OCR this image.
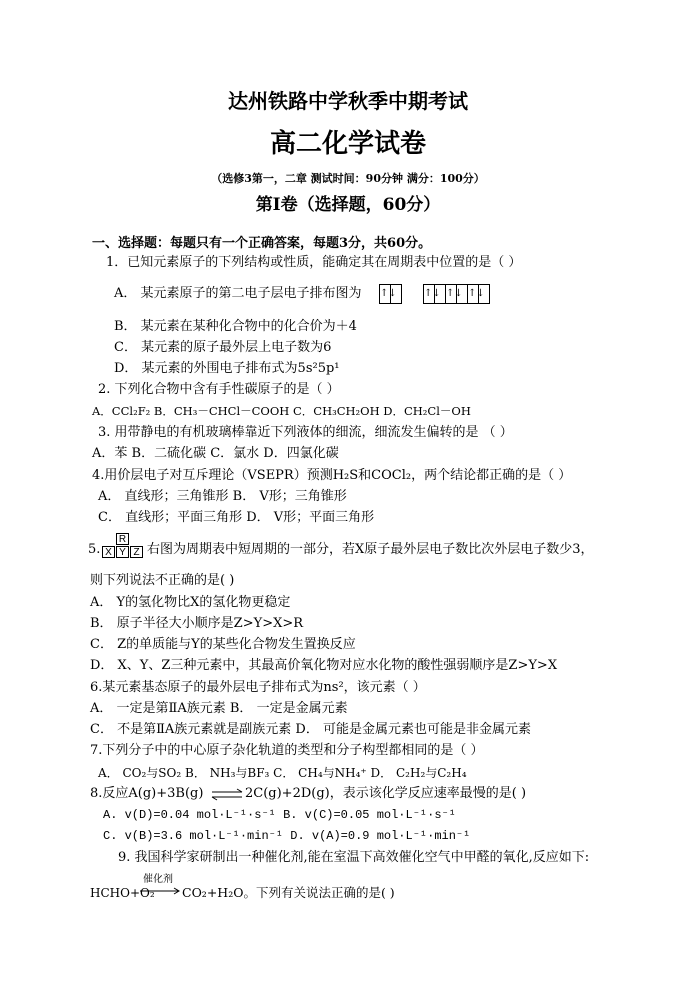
达州铁路中学秋季中期考试
高二化学试卷
（选修3第一，二章 测试时间：90分钟 满分：100分）
第Ⅰ卷（选择题，60分）
一、选择题：每题只有一个正确答案，每题3分，共60分。
1．已知元素原子的下列结构或性质，能确定其在周期表中位置的是（ ）
A． 某元素原子的第二电子层电子排布图为 ↑↓	↑↓ ↑↓ ↑↓
B． 某元素在某种化合物中的化合价为＋4
C． 某元素的原子最外层上电子数为6
D． 某元素的外围电子排布式为5s²5p¹
2. 下列化合物中含有手性碳原子的是（ ）
A．CCl₂F₂ B．CH₃－CHCl－COOH C．CH₃CH₂OH D．CH₂Cl－OH
3. 用带静电的有机玻璃棒靠近下列液体的细流，细流发生偏转的是 （ ）
A．苯 B．二硫化碳 C．氯水 D．四氯化碳
4.用价层电子对互斥理论（VSEPR）预测H₂S和COCl₂，两个结论都正确的是（ ）
A． 直线形；三角锥形 B． V形；三角锥形
C． 直线形；平面三角形 D． V形；平面三角形
5.
R
X Y Z 右图为周期表中短周期的一部分，若X原子最外层电子数比次外层电子数少3，
则下列说法不正确的是( )
A． Y的氢化物比X的氢化物更稳定
B． 原子半径大小顺序是Z>Y>X>R
C． Z的单质能与Y的某些化合物发生置换反应
D． X、Y、Z三种元素中，其最高价氧化物对应水化物的酸性强弱顺序是Z>Y>X
6.某元素基态原子的最外层电子排布式为ns²，该元素（ ）
A． 一定是第ⅡA族元素 B． 一定是金属元素
C． 不是第ⅡA族元素就是副族元素 D． 可能是金属元素也可能是非金属元素
7.下列分子中的中心原子杂化轨道的类型和分子构型都相同的是（ ）
A． CO₂与SO₂ B． NH₃与BF₃ C． CH₄与NH₄⁺ D． C₂H₂与C₂H₄
8.反应A(g)+3B(g) ⇌ 2C(g)+2D(g)，表示该化学反应速率最慢的是( )
A. v(D)=0.04 mol·L⁻¹·s⁻¹ B. v(C)=0.05 mol·L⁻¹·s⁻¹
C. v(B)=3.6 mol·L⁻¹·min⁻¹ D. v(A)=0.9 mol·L⁻¹·min⁻¹
9. 我国科学家研制出一种催化剂,能在室温下高效催化空气中甲醛的氧化,反应如下:
HCHO+O₂
催化剂
→ CO₂+H₂O。下列有关说法正确的是( )
